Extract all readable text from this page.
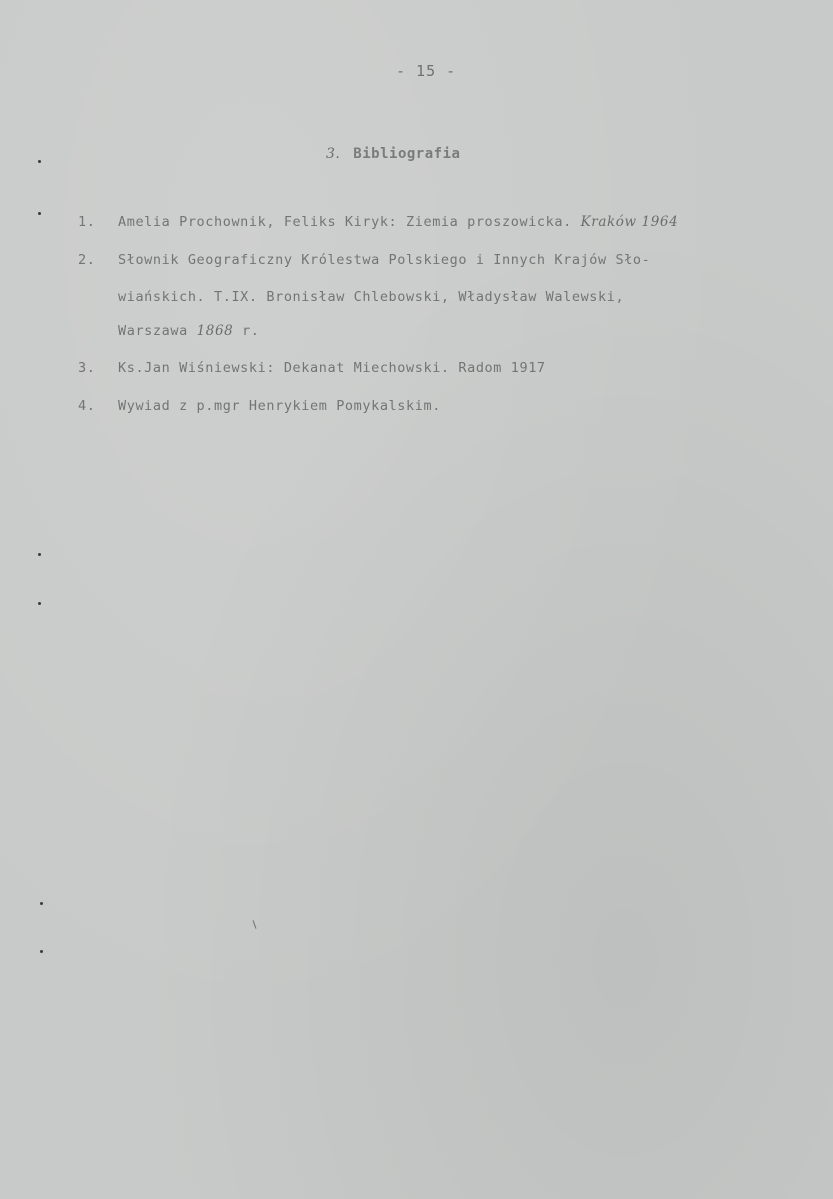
- 15 -
3. Bibliografia
1. Amelia Prochownik, Feliks Kiryk: Ziemia proszowicka. Kraków 1964
2. Słownik Geograficzny Królestwa Polskiego i Innych Krajów Sło-
wiańskich. T.IX. Bronisław Chlebowski, Władysław Walewski,
Warszawa 1868 r.
3. Ks.Jan Wiśniewski: Dekanat Miechowski. Radom 1917
4. Wywiad z p.mgr Henrykiem Pomykalskim.
